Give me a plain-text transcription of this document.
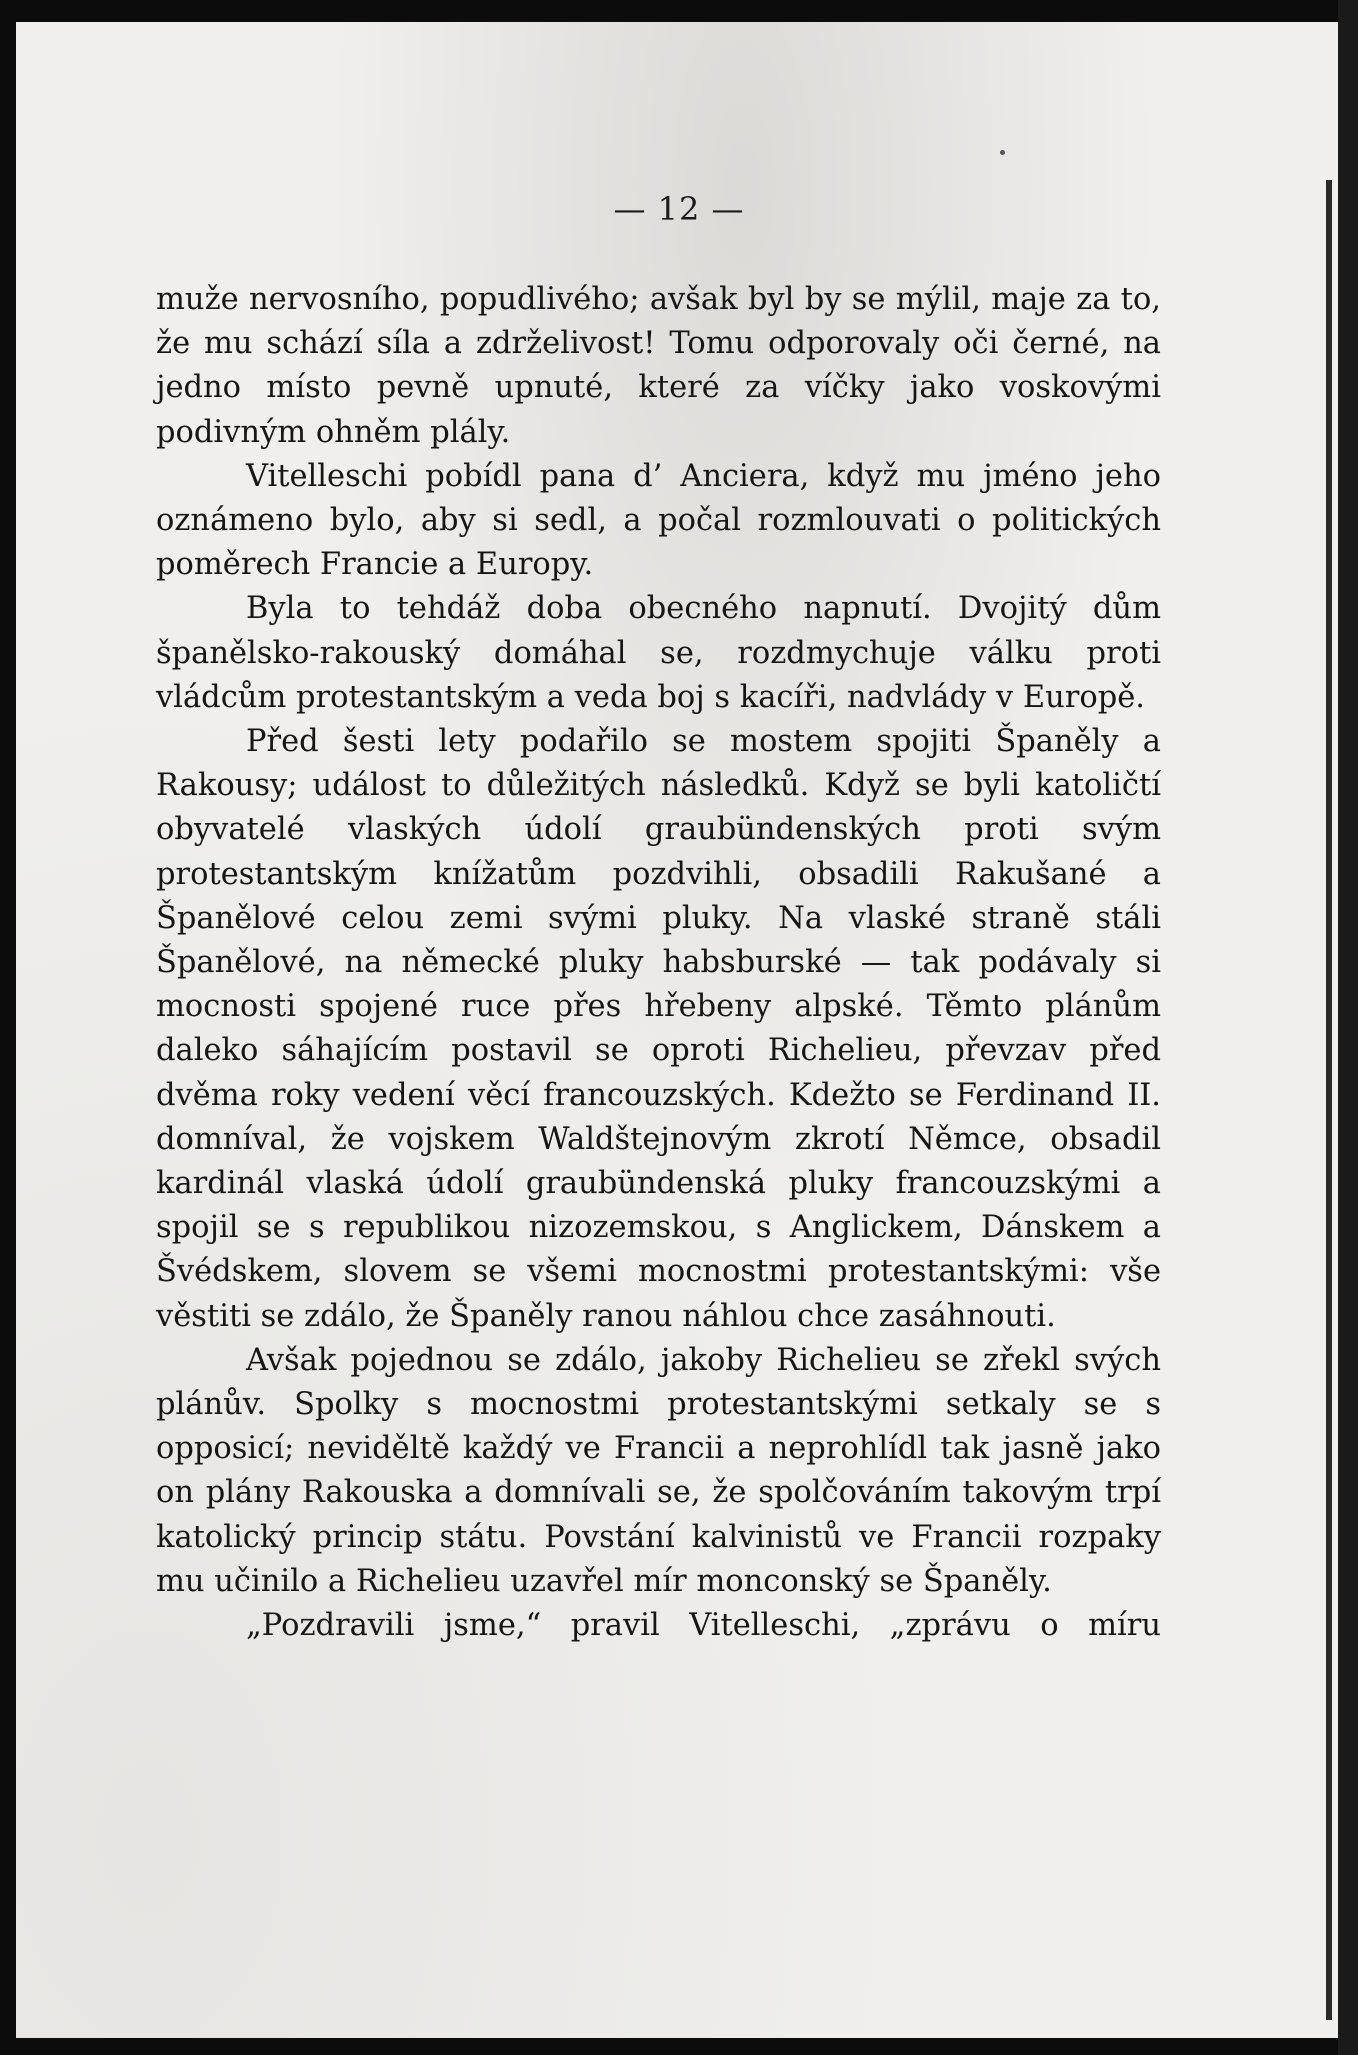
— 12 —

muže nervosního, popudlivého; avšak byl by se mýlil, maje za to, že mu schází síla a zdrželivost! Tomu odporovaly oči černé, na jedno místo pevně upnuté, které za víčky jako voskovými podivným ohněm plály.

Vitelleschi pobídl pana d’ Anciera, když mu jméno jeho oznámeno bylo, aby si sedl, a počal rozmlouvati o politických poměrech Francie a Europy.

Byla to tehdáž doba obecného napnutí. Dvojitý dům španělsko-rakouský domáhal se, rozdmychuje válku proti vládcům protestantským a veda boj s kacíři, nadvlády v Europě.

Před šesti lety podařilo se mostem spojiti Španěly a Rakousy; událost to důležitých následků. Když se byli katoličtí obyvatelé vlaských údolí graubündenských proti svým protestantským knížatům pozdvihli, obsadili Rakušané a Španělové celou zemi svými pluky. Na vlaské straně stáli Španělové, na německé pluky habsburské — tak podávaly si mocnosti spojené ruce přes hřebeny alpské. Těmto plánům daleko sáhajícím postavil se oproti Richelieu, převzav před dvěma roky vedení věcí francouzských. Kdežto se Ferdinand II. domníval, že vojskem Waldštejnovým zkrotí Němce, obsadil kardinál vlaská údolí graubündenská pluky francouzskými a spojil se s republikou nizozemskou, s Anglickem, Dánskem a Švédskem, slovem se všemi mocnostmi protestantskými: vše věstiti se zdálo, že Španěly ranou náhlou chce zasáhnouti.

Avšak pojednou se zdálo, jakoby Richelieu se zřekl svých plánův. Spolky s mocnostmi protestantskými setkaly se s opposicí; neviděltě každý ve Francii a neprohlídl tak jasně jako on plány Rakouska a domnívali se, že spolčováním takovým trpí katolický princip státu. Povstání kalvinistů ve Francii rozpaky mu učinilo a Richelieu uzavřel mír monconský se Španěly.

„Pozdravili jsme,“ pravil Vitelleschi, „zprávu o míru
